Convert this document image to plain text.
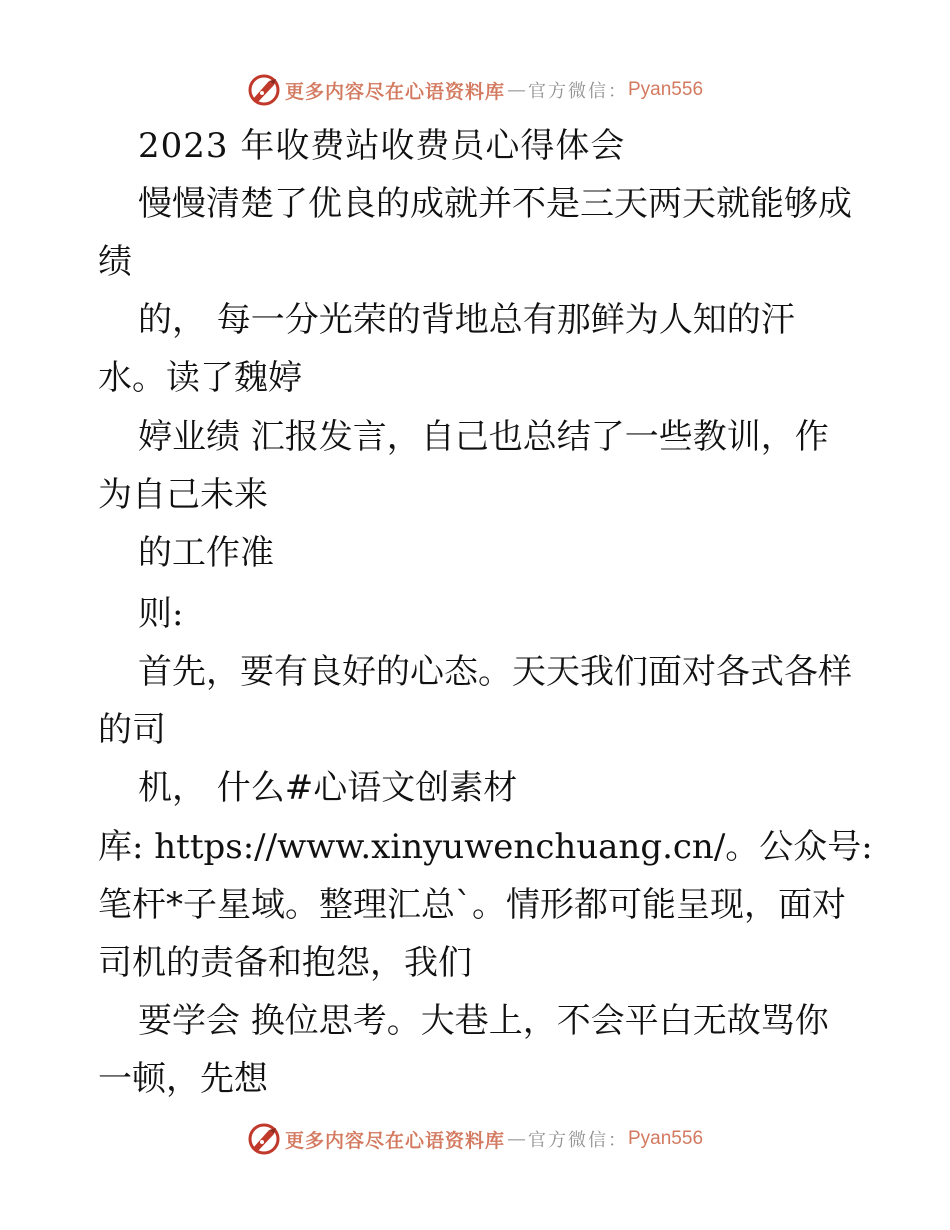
更多内容尽在心语资料库 — 官方微信： Pyan556
2023 年收费站收费员心得体会
慢慢清楚了优良的成就并不是三天两天就能够成
绩
的， 每一分光荣的背地总有那鲜为人知的汗
水。读了魏婷
婷业绩 汇报发言，自己也总结了一些教训，作
为自己未来
的工作准
则:
首先，要有良好的心态。天天我们面对各式各样
的司
机， 什么#心语文创素材
库: https://www.xinyuwenchuang.cn/。公众号:
笔杆*子星域。整理汇总`。情形都可能呈现，面对
司机的责备和抱怨，我们
要学会 换位思考。大巷上，不会平白无故骂你
一顿，先想
更多内容尽在心语资料库 — 官方微信： Pyan556
